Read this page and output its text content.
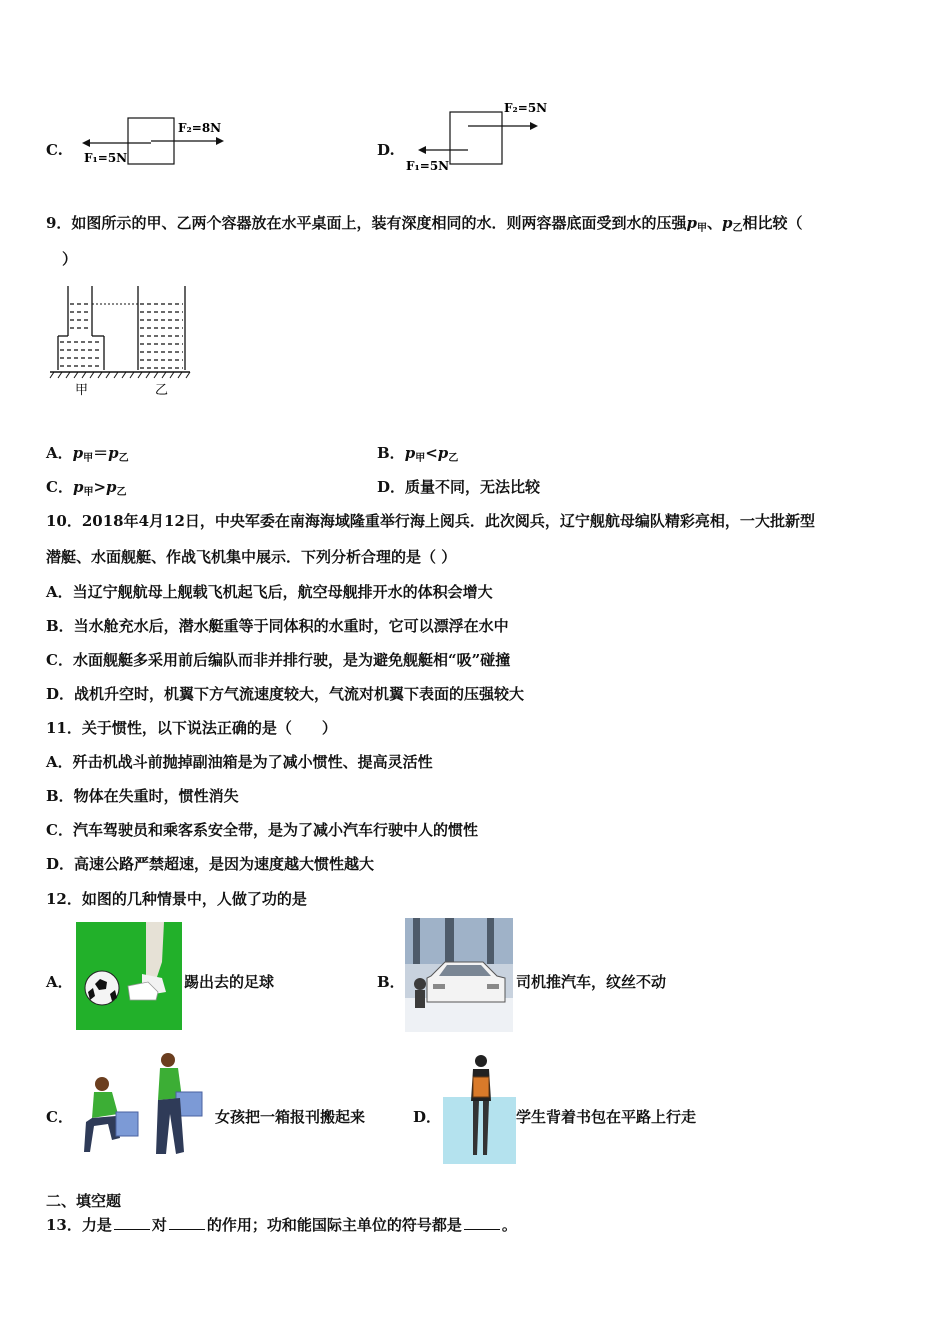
C.
F₂=8N
F₁=5N	D.
F₂=5N
F₁=5N
9．如图所示的甲、乙两个容器放在水平桌面上，装有深度相同的水．则两容器底面受到水的压强$p_甲$、$p_乙$相比较（
）
甲	乙
A．$p_甲=p_乙$	B．$p_甲<p_乙$
C．$p_甲>p_乙$	D．质量不同，无法比较
10．2018年4月12日，中央军委在南海海域隆重举行海上阅兵．此次阅兵，辽宁舰航母编队精彩亮相，一大批新型
潜艇、水面舰艇、作战飞机集中展示．下列分析合理的是（ ）
A．当辽宁舰航母上舰载飞机起飞后，航空母舰排开水的体积会增大
B．当水舱充水后，潜水艇重等于同体积的水重时，它可以漂浮在水中
C．水面舰艇多采用前后编队而非并排行驶，是为避免舰艇相“吸”碰撞
D．战机升空时，机翼下方气流速度较大，气流对机翼下表面的压强较大
11．关于惯性，以下说法正确的是（　　）
A．歼击机战斗前抛掉副油箱是为了减小惯性、提高灵活性
B．物体在失重时，惯性消失
C．汽车驾驶员和乘客系安全带，是为了减小汽车行驶中人的惯性
D．高速公路严禁超速，是因为速度越大惯性越大
12．如图的几种情景中，人做了功的是
A．	踢出去的足球	B．	司机推汽车，纹丝不动
C．	女孩把一箱报刊搬起来	D．	学生背着书包在平路上行走
二、填空题
13．力是	对	的作用；功和能国际主单位的符号都是	。
